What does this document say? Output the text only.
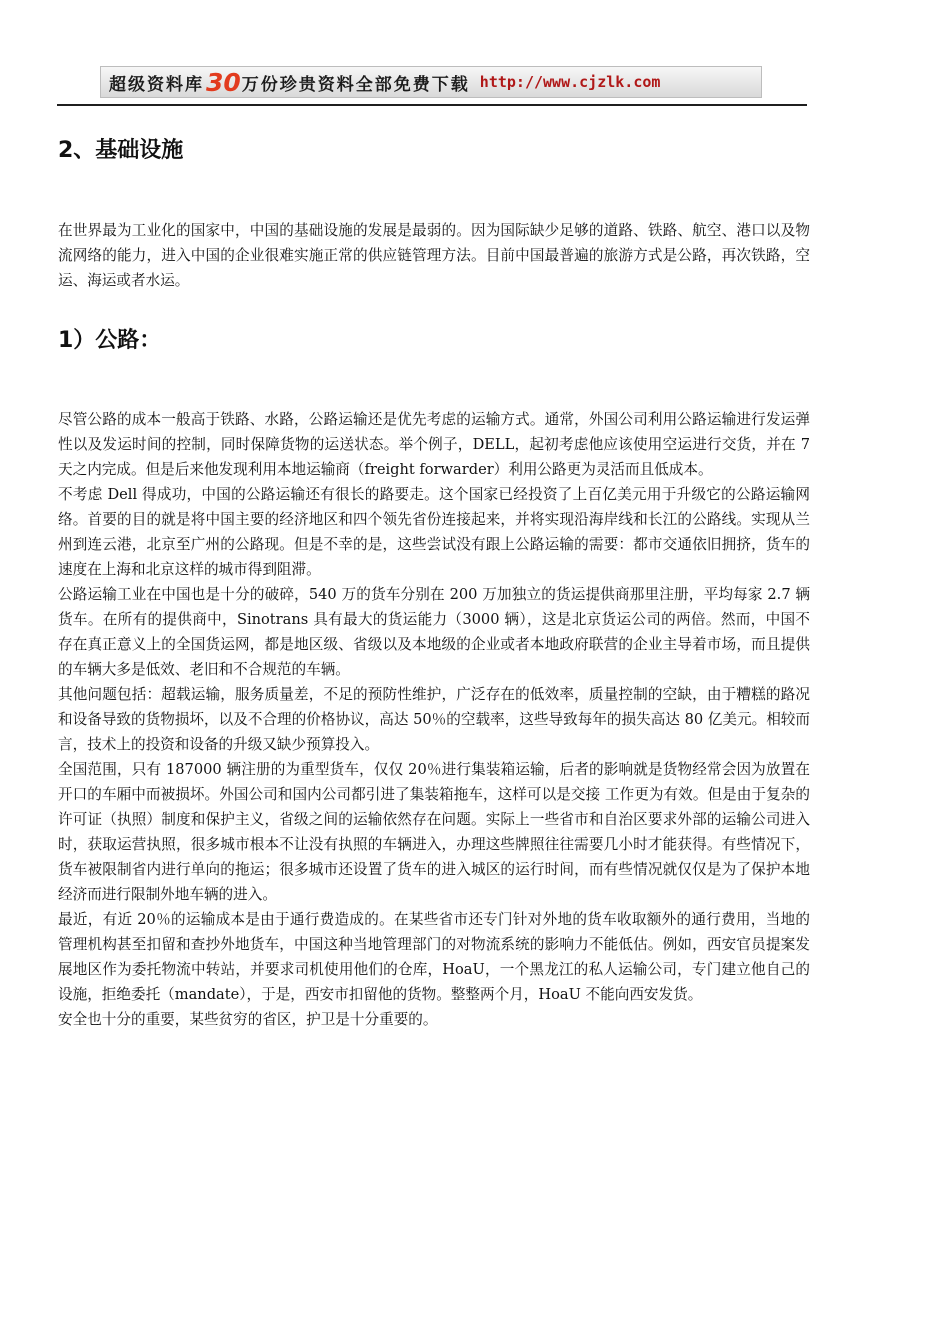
超级资料库 30 万份珍贵资料全部免费下载 http://www.cjzlk.com
2、基础设施

在世界最为工业化的国家中，中国的基础设施的发展是最弱的。因为国际缺少足够的道路、铁路、航空、港口以及物流网络的能力，进入中国的企业很难实施正常的供应链管理方法。目前中国最普遍的旅游方式是公路，再次铁路，空运、海运或者水运。

1）公路：

尽管公路的成本一般高于铁路、水路，公路运输还是优先考虑的运输方式。通常，外国公司利用公路运输进行发运弹性以及发运时间的控制，同时保障货物的运送状态。举个例子，DELL，起初考虑他应该使用空运进行交货，并在 7 天之内完成。但是后来他发现利用本地运输商（freight forwarder）利用公路更为灵活而且低成本。

不考虑 Dell 得成功，中国的公路运输还有很长的路要走。这个国家已经投资了上百亿美元用于升级它的公路运输网络。首要的目的就是将中国主要的经济地区和四个领先省份连接起来，并将实现沿海岸线和长江的公路线。实现从兰州到连云港，北京至广州的公路现。但是不幸的是，这些尝试没有跟上公路运输的需要：都市交通依旧拥挤，货车的速度在上海和北京这样的城市得到阻滞。

公路运输工业在中国也是十分的破碎，540 万的货车分别在 200 万加独立的货运提供商那里注册，平均每家 2.7 辆货车。在所有的提供商中，Sinotrans 具有最大的货运能力（3000 辆），这是北京货运公司的两倍。然而，中国不存在真正意义上的全国货运网，都是地区级、省级以及本地级的企业或者本地政府联营的企业主导着市场，而且提供的车辆大多是低效、老旧和不合规范的车辆。

其他问题包括：超载运输，服务质量差，不足的预防性维护，广泛存在的低效率，质量控制的空缺，由于糟糕的路况和设备导致的货物损坏，以及不合理的价格协议，高达 50％的空载率，这些导致每年的损失高达 80 亿美元。相较而言，技术上的投资和设备的升级又缺少预算投入。

全国范围，只有 187000 辆注册的为重型货车，仅仅 20％进行集装箱运输，后者的影响就是货物经常会因为放置在开口的车厢中而被损坏。外国公司和国内公司都引进了集装箱拖车，这样可以是交接 工作更为有效。但是由于复杂的许可证（执照）制度和保护主义，省级之间的运输依然存在问题。实际上一些省市和自治区要求外部的运输公司进入时，获取运营执照，很多城市根本不让没有执照的车辆进入，办理这些牌照往往需要几小时才能获得。有些情况下，货车被限制省内进行单向的拖运；很多城市还设置了货车的进入城区的运行时间，而有些情况就仅仅是为了保护本地经济而进行限制外地车辆的进入。

最近，有近 20％的运输成本是由于通行费造成的。在某些省市还专门针对外地的货车收取额外的通行费用，当地的管理机构甚至扣留和查抄外地货车，中国这种当地管理部门的对物流系统的影响力不能低估。例如，西安官员提案发展地区作为委托物流中转站，并要求司机使用他们的仓库，HoaU，一个黑龙江的私人运输公司，专门建立他自己的设施，拒绝委托（mandate），于是，西安市扣留他的货物。整整两个月，HoaU 不能向西安发货。

安全也十分的重要，某些贫穷的省区，护卫是十分重要的。
